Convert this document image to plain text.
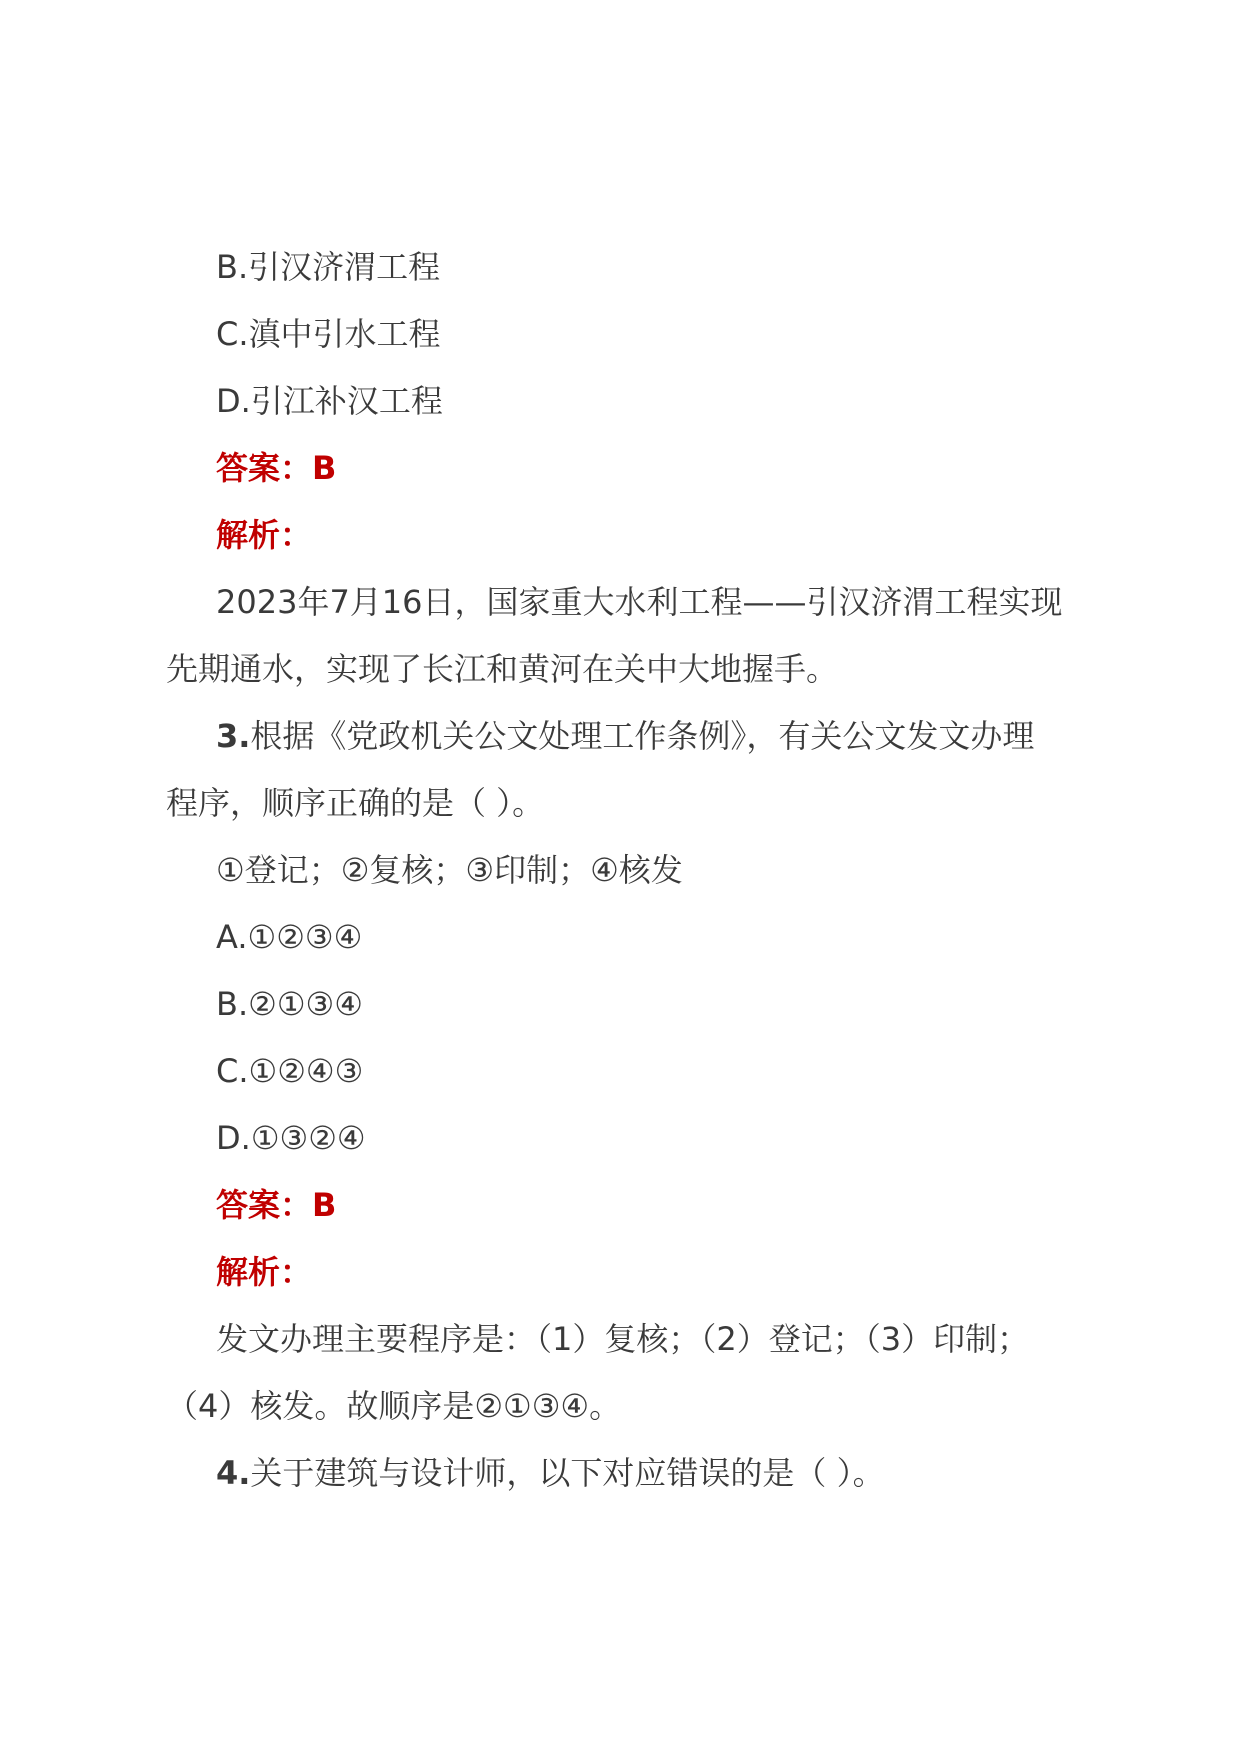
B.引汉济渭工程

C.滇中引水工程

D.引江补汉工程

答案：B

解析：

2023年7月16日，国家重大水利工程——引汉济渭工程实现

先期通水，实现了长江和黄河在关中大地握手。

3.根据《党政机关公文处理工作条例》，有关公文发文办理

程序，顺序正确的是（ ）。

①登记；②复核；③印制；④核发

A.①②③④

B.②①③④

C.①②④③

D.①③②④

答案：B

解析：

发文办理主要程序是：（1）复核；（2）登记；（3）印制；

（4）核发。故顺序是②①③④。

4.关于建筑与设计师，以下对应错误的是（ ）。
